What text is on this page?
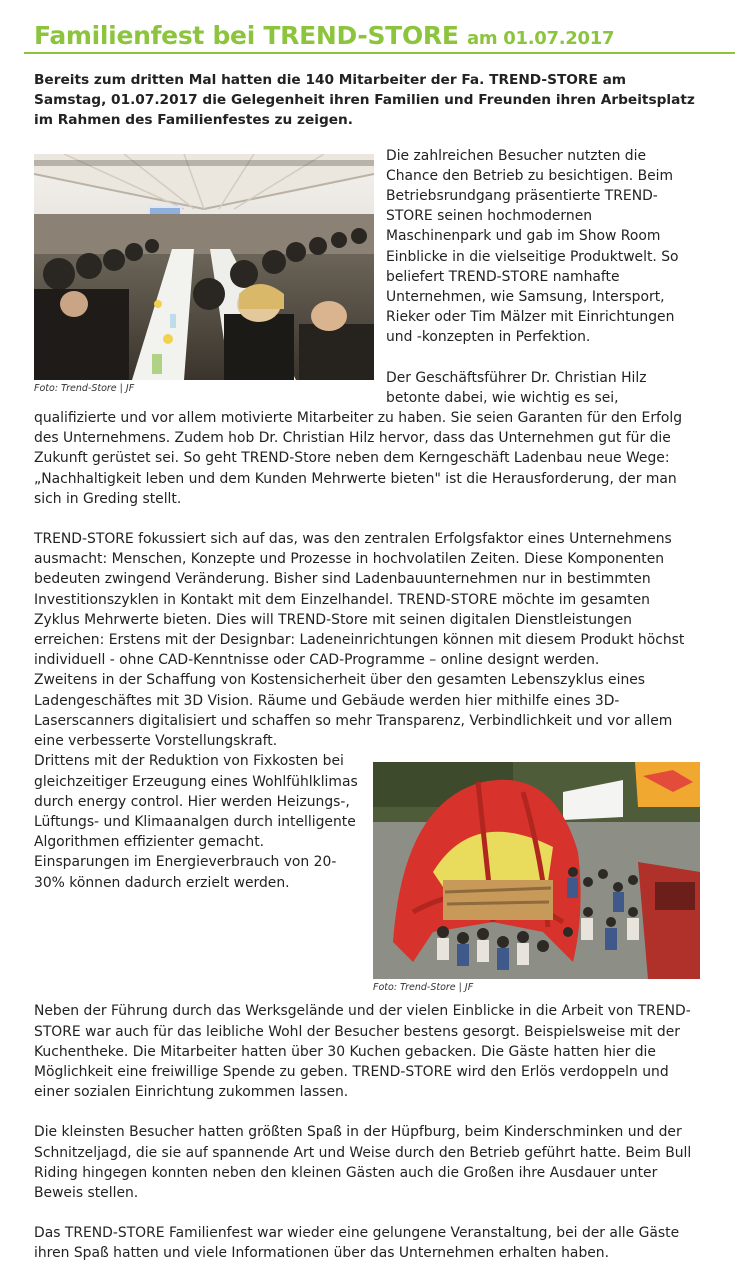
Familienfest bei TREND-STORE am 01.07.2017

Bereits zum dritten Mal hatten die 140 Mitarbeiter der Fa. TREND-STORE am Samstag, 01.07.2017 die Gelegenheit ihren Familien und Freunden ihren Arbeitsplatz im Rahmen des Familienfestes zu zeigen.

Foto: Trend-Store | JF

Die zahlreichen Besucher nutzten die Chance den Betrieb zu besichtigen. Beim Betriebsrundgang präsentierte TREND-STORE seinen hochmodernen Maschinenpark und gab im Show Room Einblicke in die vielseitige Produktwelt. So beliefert TREND-STORE namhafte Unternehmen, wie Samsung, Intersport, Rieker oder Tim Mälzer mit Einrichtungen und -konzepten in Perfektion.

Der Geschäftsführer Dr. Christian Hilz betonte dabei, wie wichtig es sei, qualifizierte und vor allem motivierte Mitarbeiter zu haben. Sie seien Garanten für den Erfolg des Unternehmens. Zudem hob Dr. Christian Hilz hervor, dass das Unternehmen gut für die Zukunft gerüstet sei. So geht TREND-Store neben dem Kerngeschäft Ladenbau neue Wege: „Nachhaltigkeit leben und dem Kunden Mehrwerte bieten" ist die Herausforderung, der man sich in Greding stellt.

TREND-STORE fokussiert sich auf das, was den zentralen Erfolgsfaktor eines Unternehmens ausmacht: Menschen, Konzepte und Prozesse in hochvolatilen Zeiten. Diese Komponenten bedeuten zwingend Veränderung. Bisher sind Ladenbauunternehmen nur in bestimmten Investitionszyklen in Kontakt mit dem Einzelhandel. TREND-STORE möchte im gesamten Zyklus Mehrwerte bieten. Dies will TREND-Store mit seinen digitalen Dienstleistungen erreichen: Erstens mit der Designbar: Ladeneinrichtungen können mit diesem Produkt höchst individuell - ohne CAD-Kenntnisse oder CAD-Programme – online designt werden.

Zweitens in der Schaffung von Kostensicherheit über den gesamten Lebenszyklus eines Ladengeschäftes mit 3D Vision. Räume und Gebäude werden hier mithilfe eines 3D-Laserscanners digitalisiert und schaffen so mehr Transparenz, Verbindlichkeit und vor allem eine verbesserte Vorstellungskraft.

Foto: Trend-Store | JF

Drittens mit der Reduktion von Fixkosten bei gleichzeitiger Erzeugung eines Wohlfühlklimas durch energy control. Hier werden Heizungs-, Lüftungs- und Klimaanalgen durch intelligente Algorithmen effizienter gemacht. Einsparungen im Energieverbrauch von 20-30% können dadurch erzielt werden.

Neben der Führung durch das Werksgelände und der vielen Einblicke in die Arbeit von TREND-STORE war auch für das leibliche Wohl der Besucher bestens gesorgt. Beispielsweise mit der Kuchentheke. Die Mitarbeiter hatten über 30 Kuchen gebacken. Die Gäste hatten hier die Möglichkeit eine freiwillige Spende zu geben. TREND-STORE wird den Erlös verdoppeln und einer sozialen Einrichtung zukommen lassen.

Die kleinsten Besucher hatten größten Spaß in der Hüpfburg, beim Kinderschminken und der Schnitzeljagd, die sie auf spannende Art und Weise durch den Betrieb geführt hatte. Beim Bull Riding hingegen konnten neben den kleinen Gästen auch die Großen ihre Ausdauer unter Beweis stellen.

Das TREND-STORE Familienfest war wieder eine gelungene Veranstaltung, bei der alle Gäste ihren Spaß hatten und viele Informationen über das Unternehmen erhalten haben.
